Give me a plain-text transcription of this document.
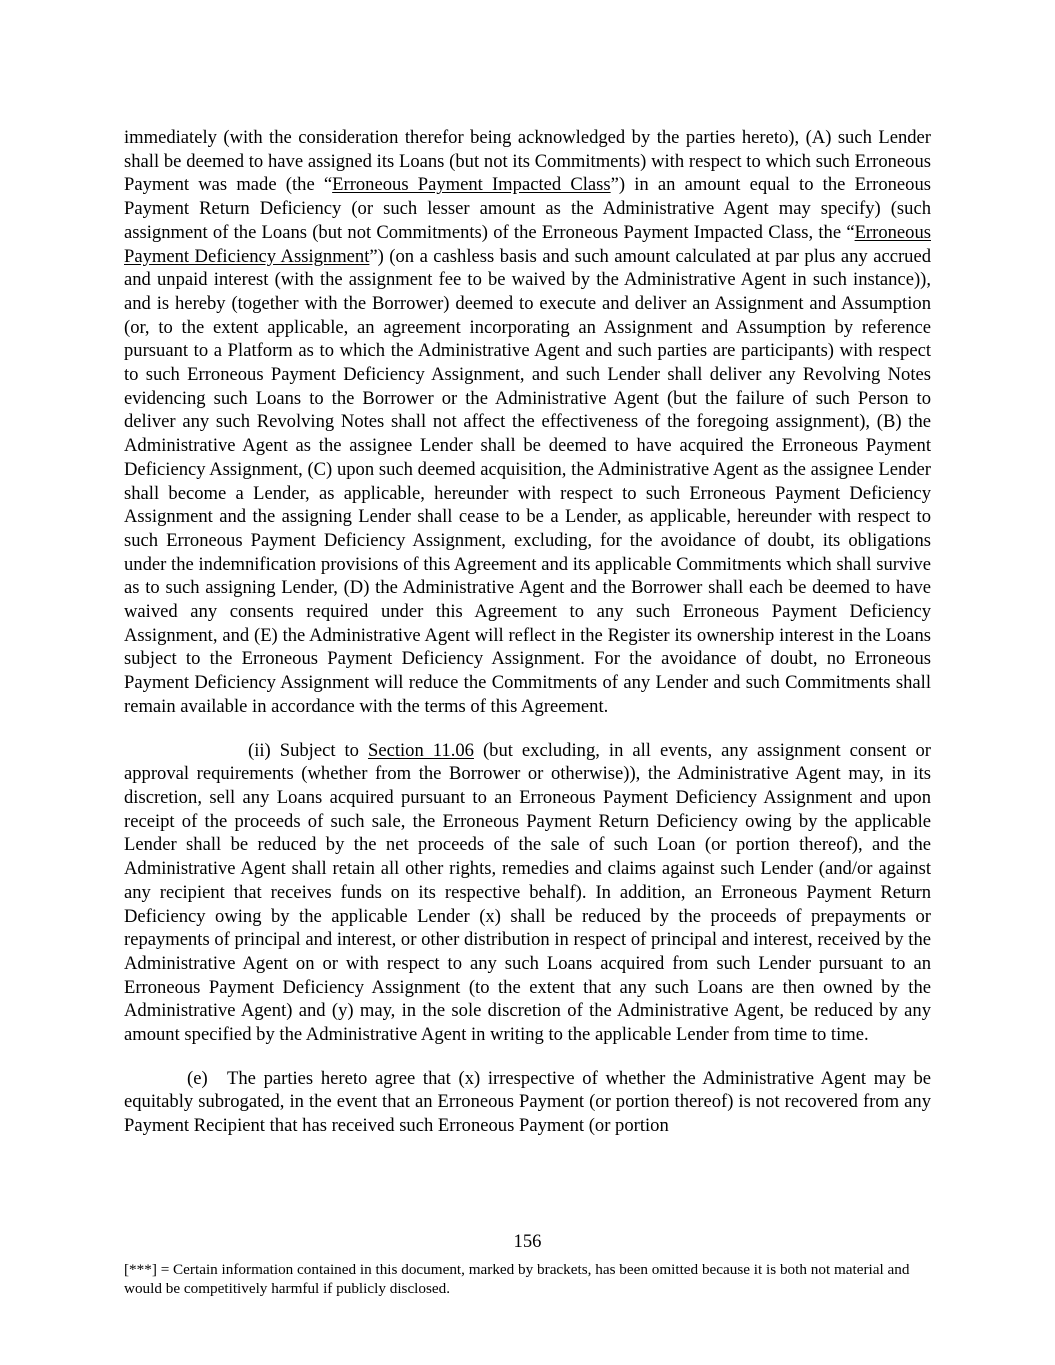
immediately (with the consideration therefor being acknowledged by the parties hereto), (A) such Lender shall be deemed to have assigned its Loans (but not its Commitments) with respect to which such Erroneous Payment was made (the “Erroneous Payment Impacted Class”) in an amount equal to the Erroneous Payment Return Deficiency (or such lesser amount as the Administrative Agent may specify) (such assignment of the Loans (but not Commitments) of the Erroneous Payment Impacted Class, the “Erroneous Payment Deficiency Assignment”) (on a cashless basis and such amount calculated at par plus any accrued and unpaid interest (with the assignment fee to be waived by the Administrative Agent in such instance)), and is hereby (together with the Borrower) deemed to execute and deliver an Assignment and Assumption (or, to the extent applicable, an agreement incorporating an Assignment and Assumption by reference pursuant to a Platform as to which the Administrative Agent and such parties are participants) with respect to such Erroneous Payment Deficiency Assignment, and such Lender shall deliver any Revolving Notes evidencing such Loans to the Borrower or the Administrative Agent (but the failure of such Person to deliver any such Revolving Notes shall not affect the effectiveness of the foregoing assignment), (B) the Administrative Agent as the assignee Lender shall be deemed to have acquired the Erroneous Payment Deficiency Assignment, (C) upon such deemed acquisition, the Administrative Agent as the assignee Lender shall become a Lender, as applicable, hereunder with respect to such Erroneous Payment Deficiency Assignment and the assigning Lender shall cease to be a Lender, as applicable, hereunder with respect to such Erroneous Payment Deficiency Assignment, excluding, for the avoidance of doubt, its obligations under the indemnification provisions of this Agreement and its applicable Commitments which shall survive as to such assigning Lender, (D) the Administrative Agent and the Borrower shall each be deemed to have waived any consents required under this Agreement to any such Erroneous Payment Deficiency Assignment, and (E) the Administrative Agent will reflect in the Register its ownership interest in the Loans subject to the Erroneous Payment Deficiency Assignment. For the avoidance of doubt, no Erroneous Payment Deficiency Assignment will reduce the Commitments of any Lender and such Commitments shall remain available in accordance with the terms of this Agreement.

(ii) Subject to Section 11.06 (but excluding, in all events, any assignment consent or approval requirements (whether from the Borrower or otherwise)), the Administrative Agent may, in its discretion, sell any Loans acquired pursuant to an Erroneous Payment Deficiency Assignment and upon receipt of the proceeds of such sale, the Erroneous Payment Return Deficiency owing by the applicable Lender shall be reduced by the net proceeds of the sale of such Loan (or portion thereof), and the Administrative Agent shall retain all other rights, remedies and claims against such Lender (and/or against any recipient that receives funds on its respective behalf). In addition, an Erroneous Payment Return Deficiency owing by the applicable Lender (x) shall be reduced by the proceeds of prepayments or repayments of principal and interest, or other distribution in respect of principal and interest, received by the Administrative Agent on or with respect to any such Loans acquired from such Lender pursuant to an Erroneous Payment Deficiency Assignment (to the extent that any such Loans are then owned by the Administrative Agent) and (y) may, in the sole discretion of the Administrative Agent, be reduced by any amount specified by the Administrative Agent in writing to the applicable Lender from time to time.

(e) The parties hereto agree that (x) irrespective of whether the Administrative Agent may be equitably subrogated, in the event that an Erroneous Payment (or portion thereof) is not recovered from any Payment Recipient that has received such Erroneous Payment (or portion

156

[***] = Certain information contained in this document, marked by brackets, has been omitted because it is both not material and would be competitively harmful if publicly disclosed.
